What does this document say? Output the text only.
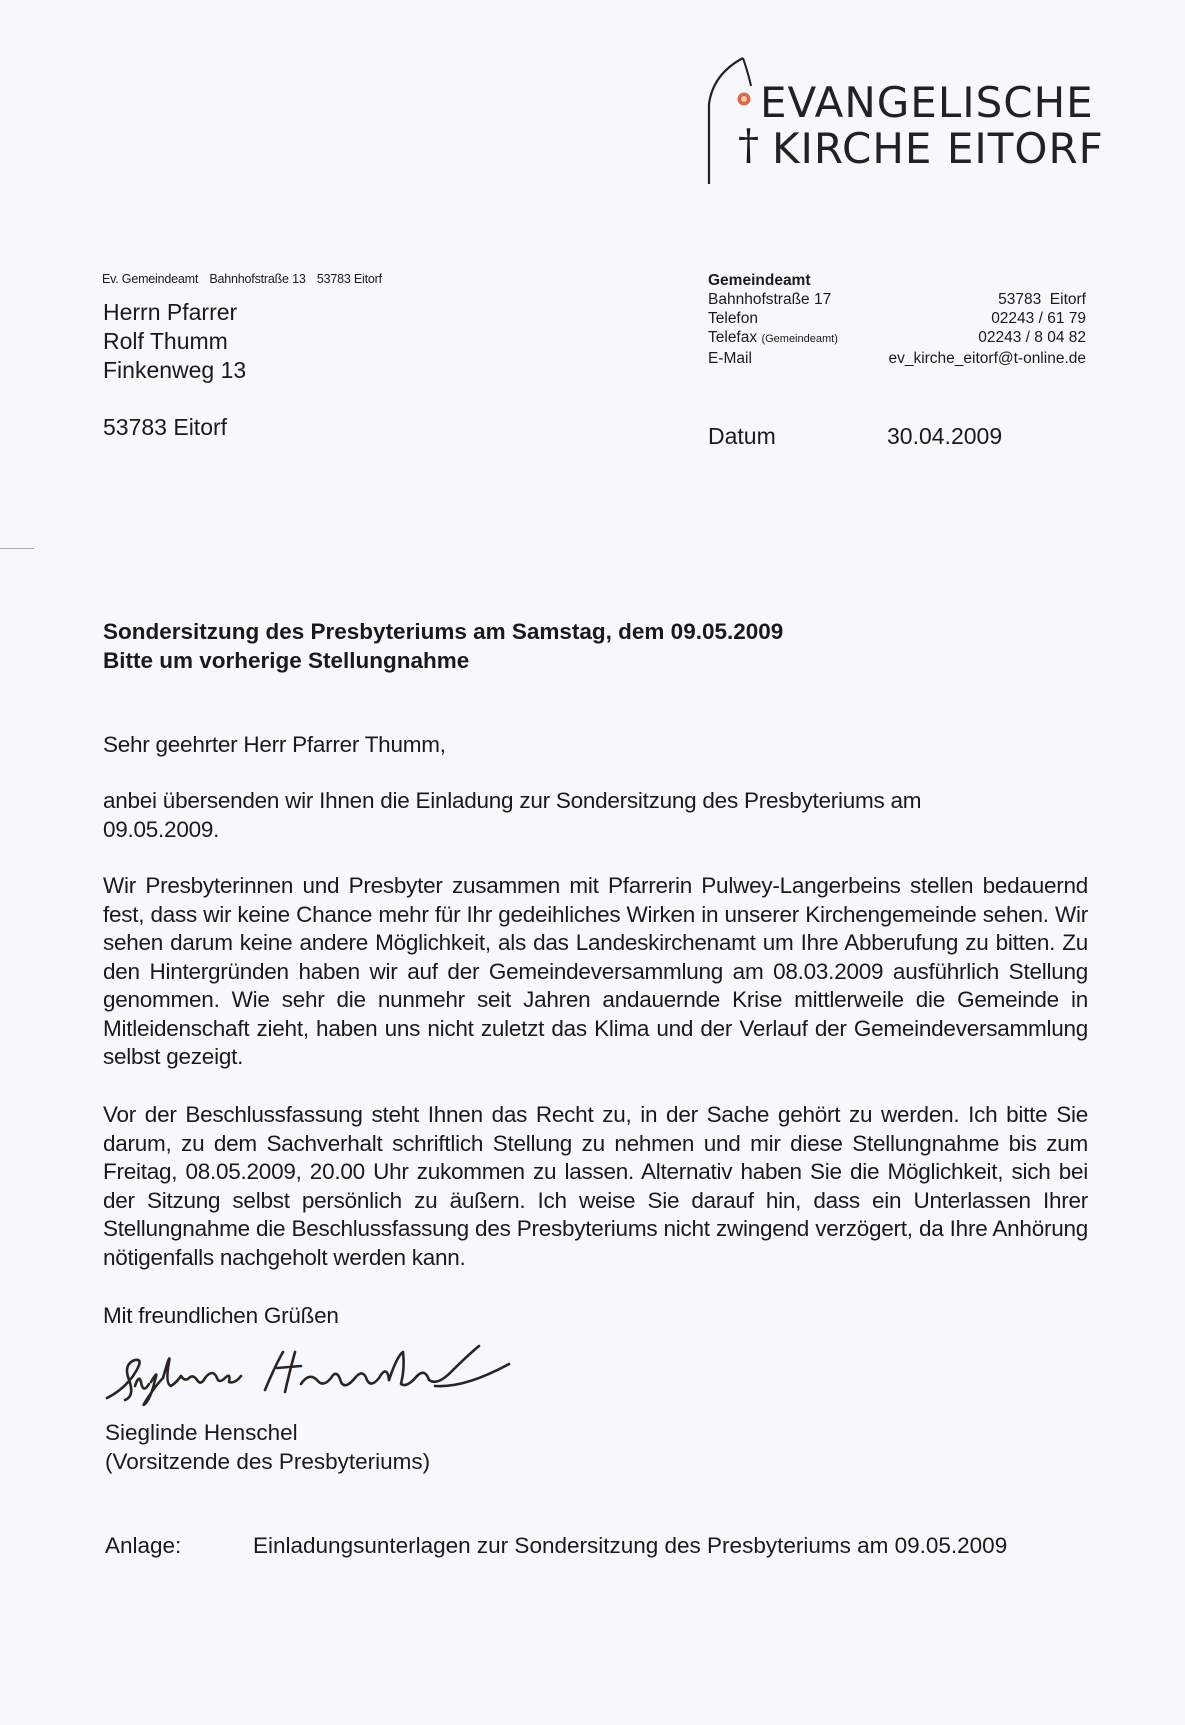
EVANGELISCHE
† KIRCHE EITORF
Ev. Gemeindeamt Bahnhofstraße 13 53783 Eitorf
Herrn Pfarrer
Rolf Thumm
Finkenweg 13
53783 Eitorf
Gemeindeamt
Bahnhofstraße 17	53783  Eitorf
Telefon	02243 / 61 79
Telefax (Gemeindeamt)	02243 / 8 04 82
E-Mail	ev_kirche_eitorf@t-online.de
Datum	30.04.2009
Sondersitzung des Presbyteriums am Samstag, dem 09.05.2009
Bitte um vorherige Stellungnahme
Sehr geehrter Herr Pfarrer Thumm,
anbei übersenden wir Ihnen die Einladung zur Sondersitzung des Presbyteriums am 09.05.2009.
Wir Presbyterinnen und Presbyter zusammen mit Pfarrerin Pulwey-Langerbeins stellen bedauernd fest, dass wir keine Chance mehr für Ihr gedeihliches Wirken in unserer Kirchengemeinde sehen. Wir sehen darum keine andere Möglichkeit, als das Landeskirchenamt um Ihre Abberufung zu bitten. Zu den Hintergründen haben wir auf der Gemeindeversammlung am 08.03.2009 ausführlich Stellung genommen. Wie sehr die nunmehr seit Jahren andauernde Krise mittlerweile die Gemeinde in Mitleidenschaft zieht, haben uns nicht zuletzt das Klima und der Verlauf der Gemeindeversammlung selbst gezeigt.
Vor der Beschlussfassung steht Ihnen das Recht zu, in der Sache gehört zu werden. Ich bitte Sie darum, zu dem Sachverhalt schriftlich Stellung zu nehmen und mir diese Stellungnahme bis zum Freitag, 08.05.2009, 20.00 Uhr zukommen zu lassen. Alternativ haben Sie die Möglichkeit, sich bei der Sitzung selbst persönlich zu äußern. Ich weise Sie darauf hin, dass ein Unterlassen Ihrer Stellungnahme die Beschlussfassung des Presbyteriums nicht zwingend verzögert, da Ihre Anhörung nötigenfalls nachgeholt werden kann.
Mit freundlichen Grüßen
Sieglinde Henschel
Sieglinde Henschel
(Vorsitzende des Presbyteriums)
Anlage:	Einladungsunterlagen zur Sondersitzung des Presbyteriums am 09.05.2009
